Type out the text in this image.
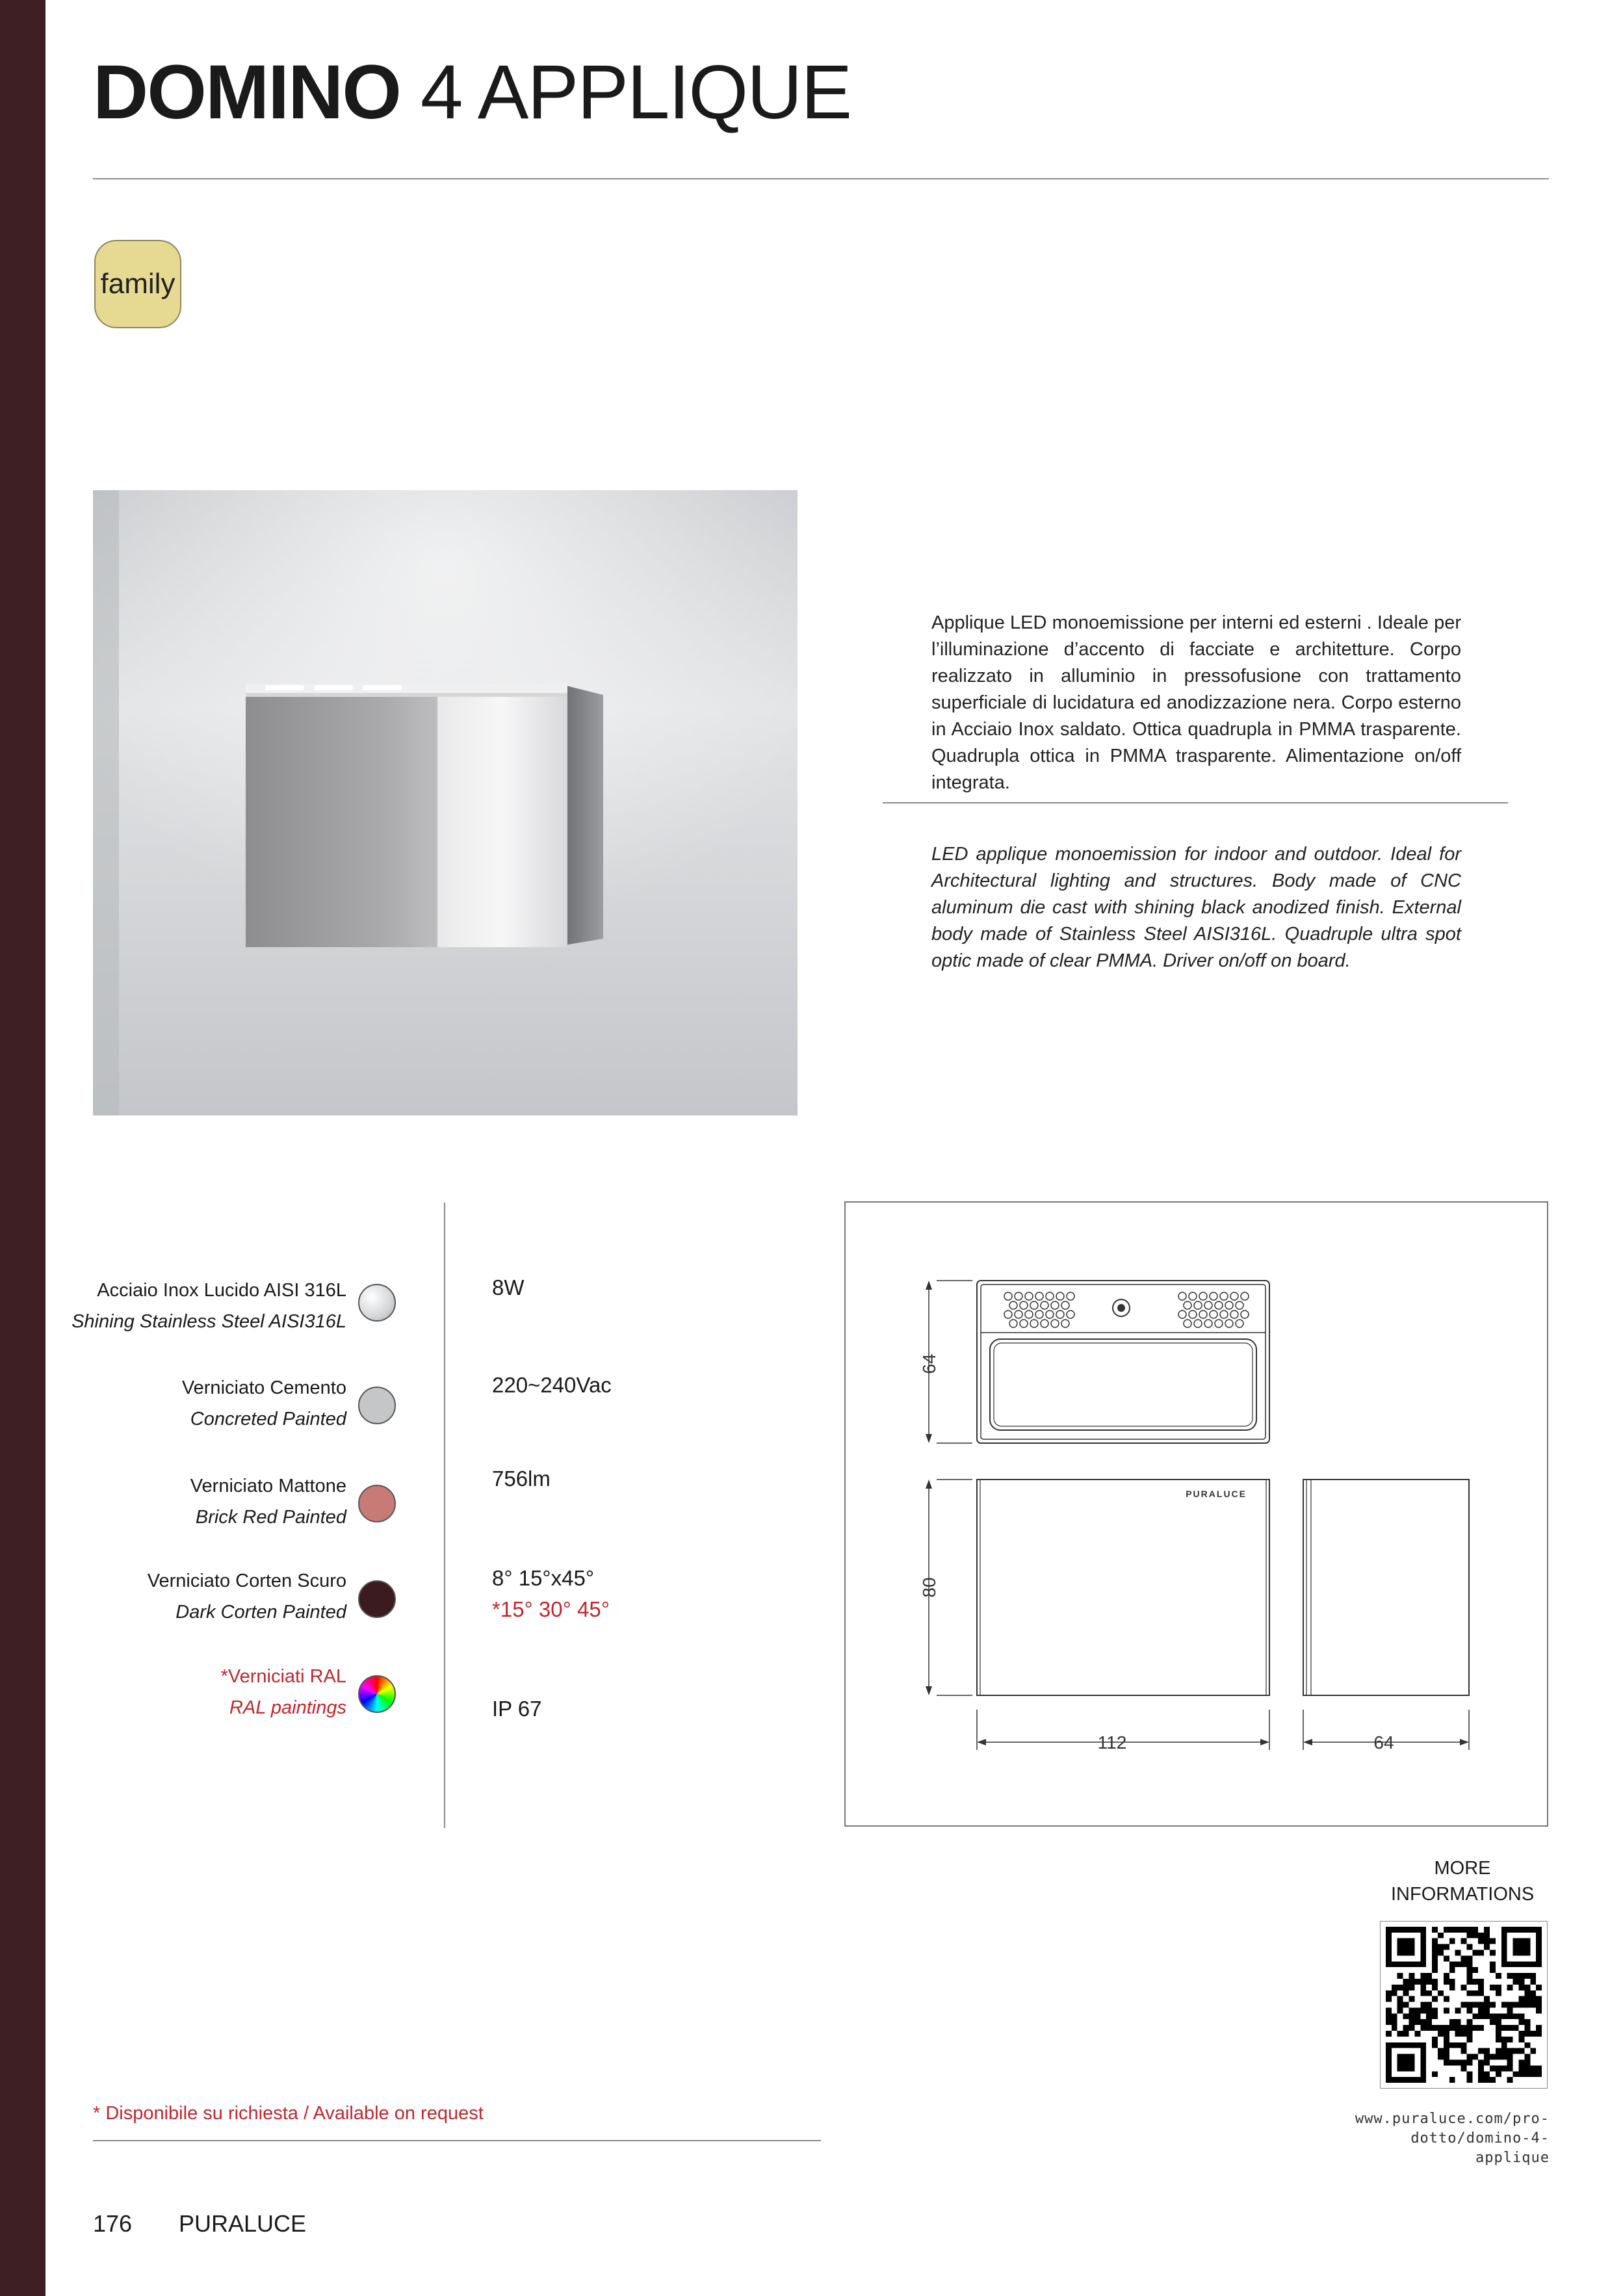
DOMINO 4 APPLIQUE
family
Applique LED monoemissione per interni ed esterni . Ideale per l’illuminazione d’accento di facciate e architetture. Corpo realizzato in alluminio in pressofusione con trattamento superficiale di lucidatura ed anodizzazione nera. Corpo esterno in Acciaio Inox saldato. Ottica quadrupla in PMMA trasparente. Quadrupla ottica in PMMA trasparente. Alimentazione on/off integrata.
LED applique monoemission for indoor and outdoor. Ideal for Architectural lighting and structures. Body made of CNC aluminum die cast with shining black anodized finish. External body made of Stainless Steel AISI316L. Quadruple ultra spot optic made of clear PMMA. Driver on/off on board.
Acciaio Inox Lucido AISI 316L
Shining Stainless Steel AISI316L
Verniciato Cemento
Concreted Painted
Verniciato Mattone
Brick Red Painted
Verniciato Corten Scuro
Dark Corten Painted
*Verniciati RAL
RAL paintings
8W
220~240Vac
756lm
8° 15°x45°
*15° 30° 45°
IP 67
64
80
112	64
PURALUCE
MORE
INFORMATIONS
www.puraluce.com/pro-
dotto/domino-4-applique
* Disponibile su richiesta / Available on request
176 PURALUCE
